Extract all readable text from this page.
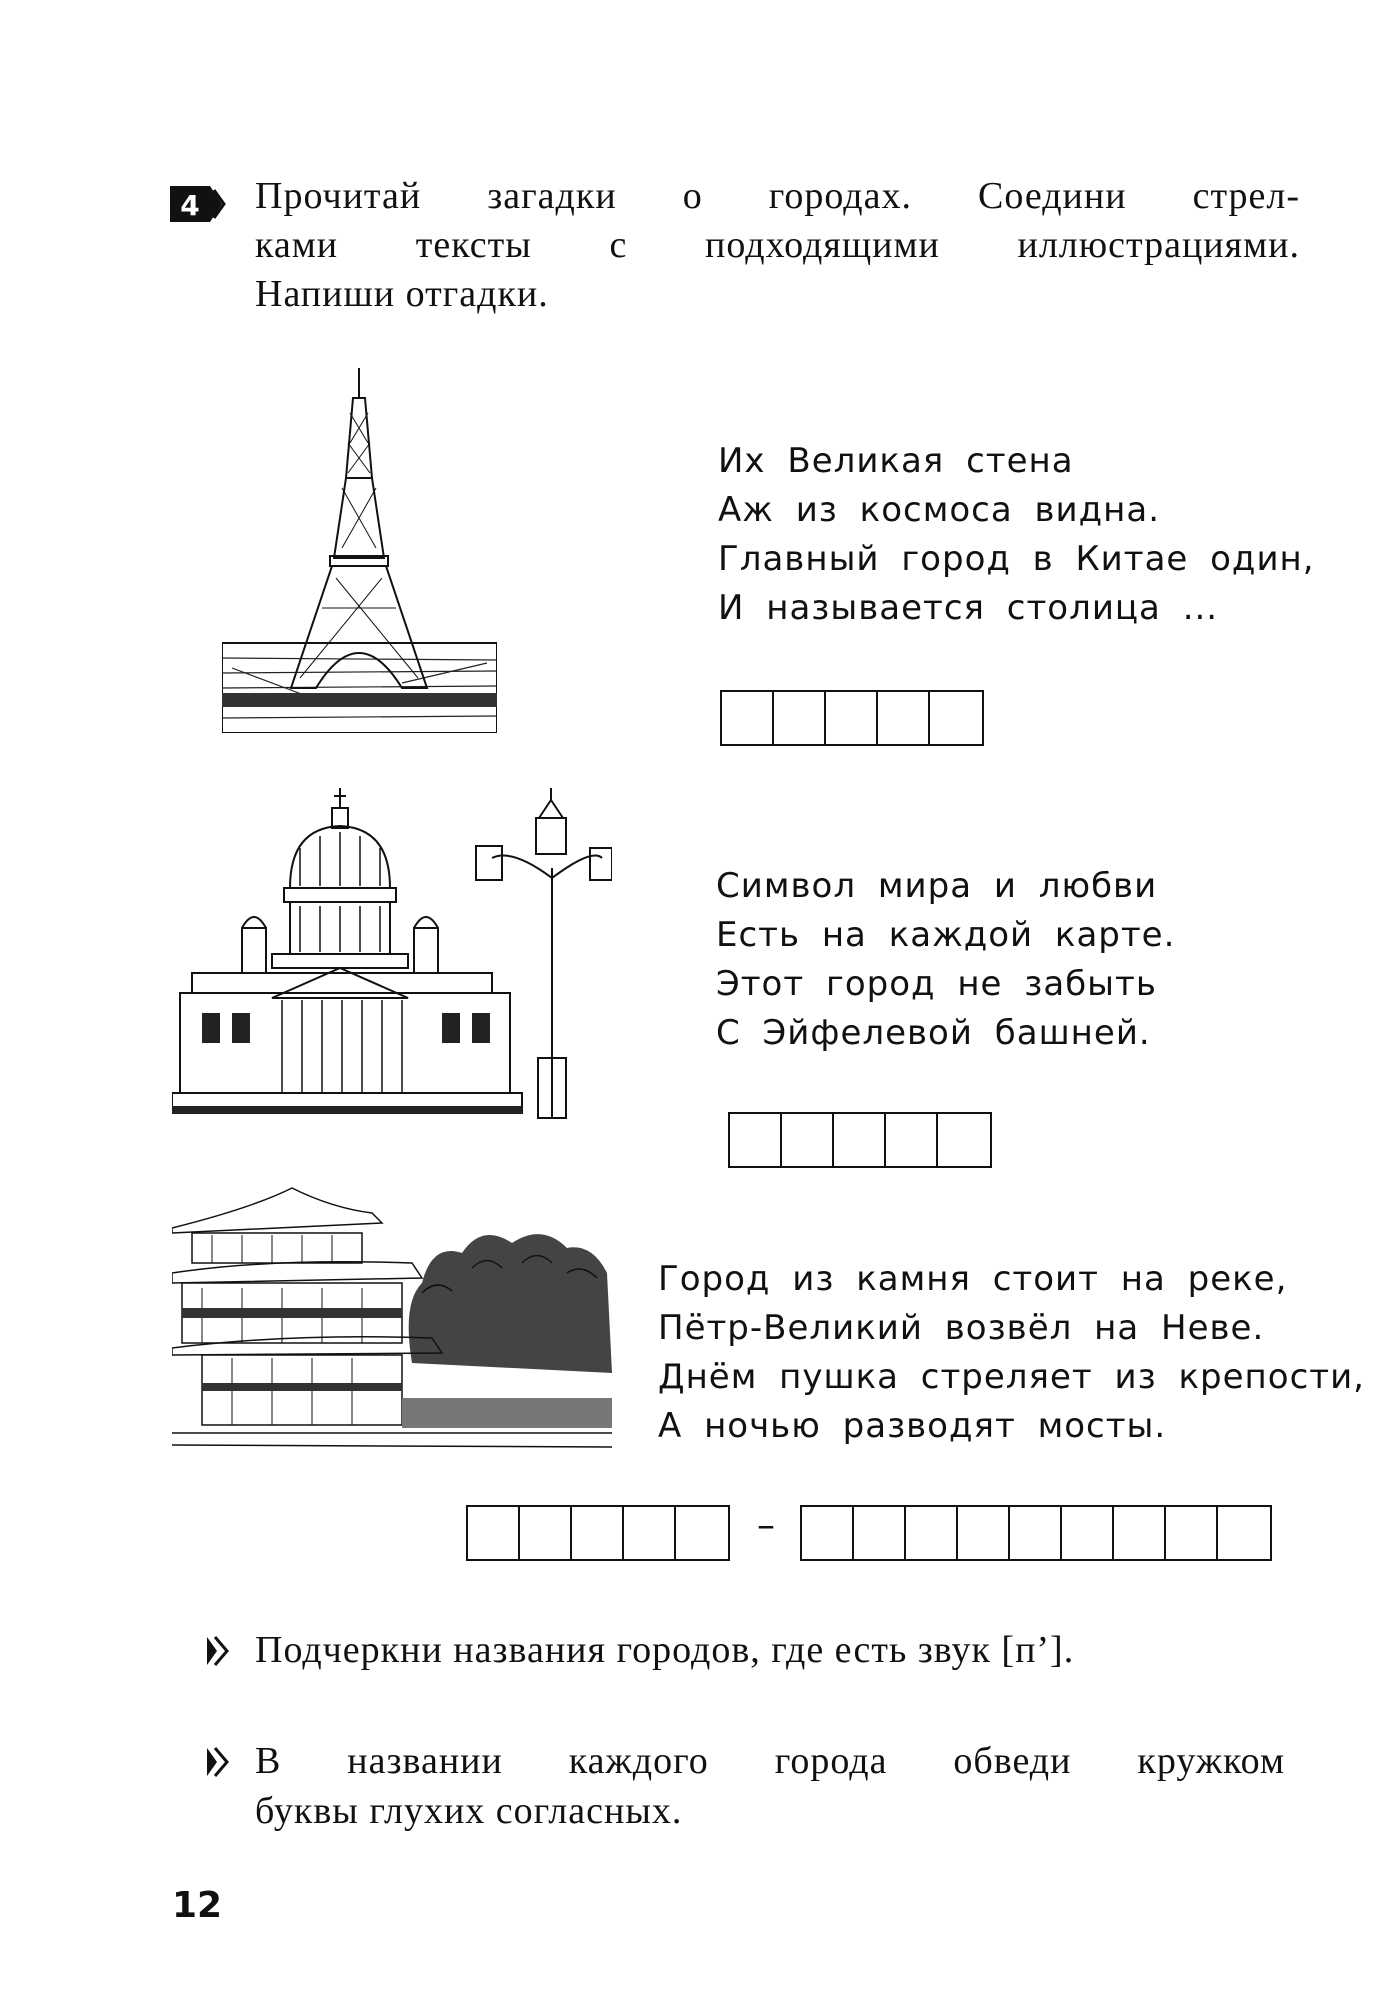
4 Прочитай загадки о городах. Соедини стрел-
ками тексты с подходящими иллюстрациями.
Напиши отгадки.
Их Великая стена
Аж из космоса видна.
Главный город в Китае один,
И называется столица ...
Символ мира и любви
Есть на каждой карте.
Этот город не забыть
С Эйфелевой башней.
Город из камня стоит на реке,
Пётр-Великий возвёл на Неве.
Днём пушка стреляет из крепости,
А ночью разводят мосты.
–
Подчеркни названия городов, где есть звук [п’].
В названии каждого города обведи кружком
буквы глухих согласных.
12
